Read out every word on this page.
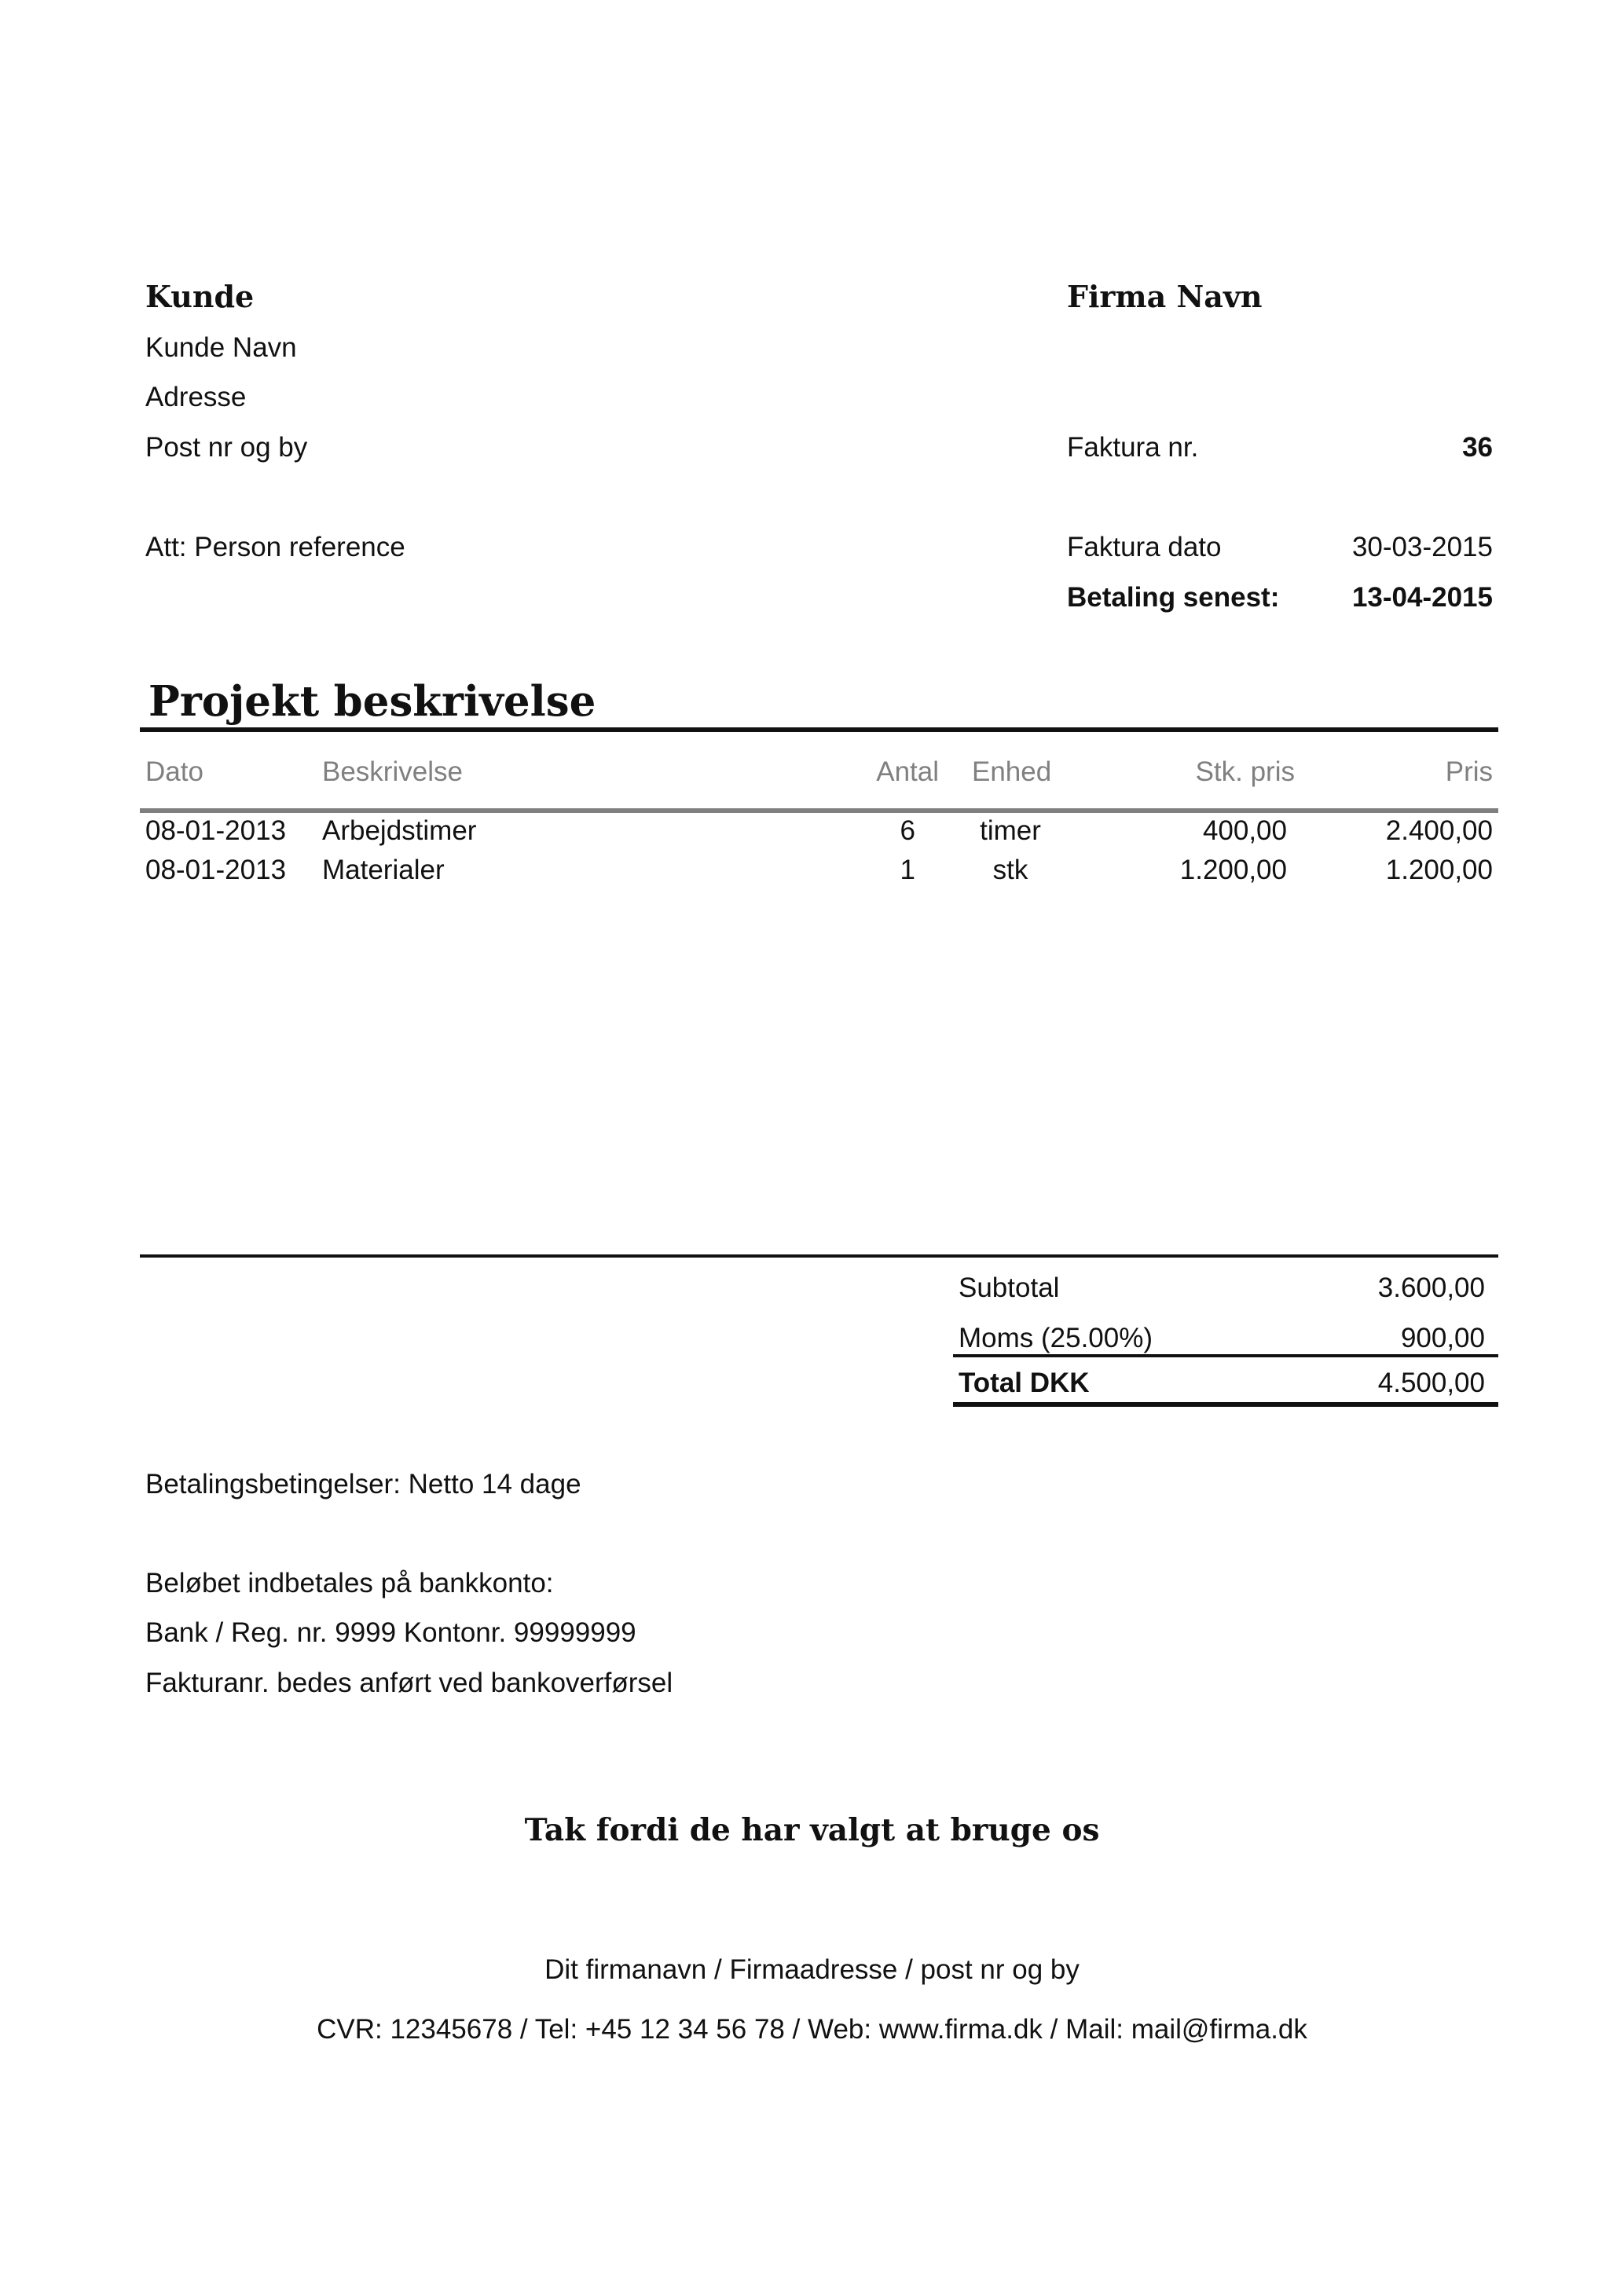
Kunde
Kunde Navn
Adresse
Post nr og by
Att: Person reference
Firma Navn
Faktura nr.	36
Faktura dato	30-03-2015
Betaling senest:	13-04-2015
Projekt beskrivelse
Dato	Beskrivelse	Antal Enhed	Stk. pris	Pris
08-01-2013 Arbejdstimer	6	timer	400,00	2.400,00
08-01-2013 Materialer	1	stk	1.200,00	1.200,00
Subtotal	3.600,00
Moms (25.00%)	900,00
Total DKK	4.500,00
Betalingsbetingelser: Netto 14 dage
Beløbet indbetales på bankkonto:
Bank / Reg. nr. 9999 Kontonr. 99999999
Fakturanr. bedes anført ved bankoverførsel
Tak fordi de har valgt at bruge os
Dit firmanavn / Firmaadresse / post nr og by
CVR: 12345678 / Tel: +45 12 34 56 78 / Web: www.firma.dk / Mail: mail@firma.dk
